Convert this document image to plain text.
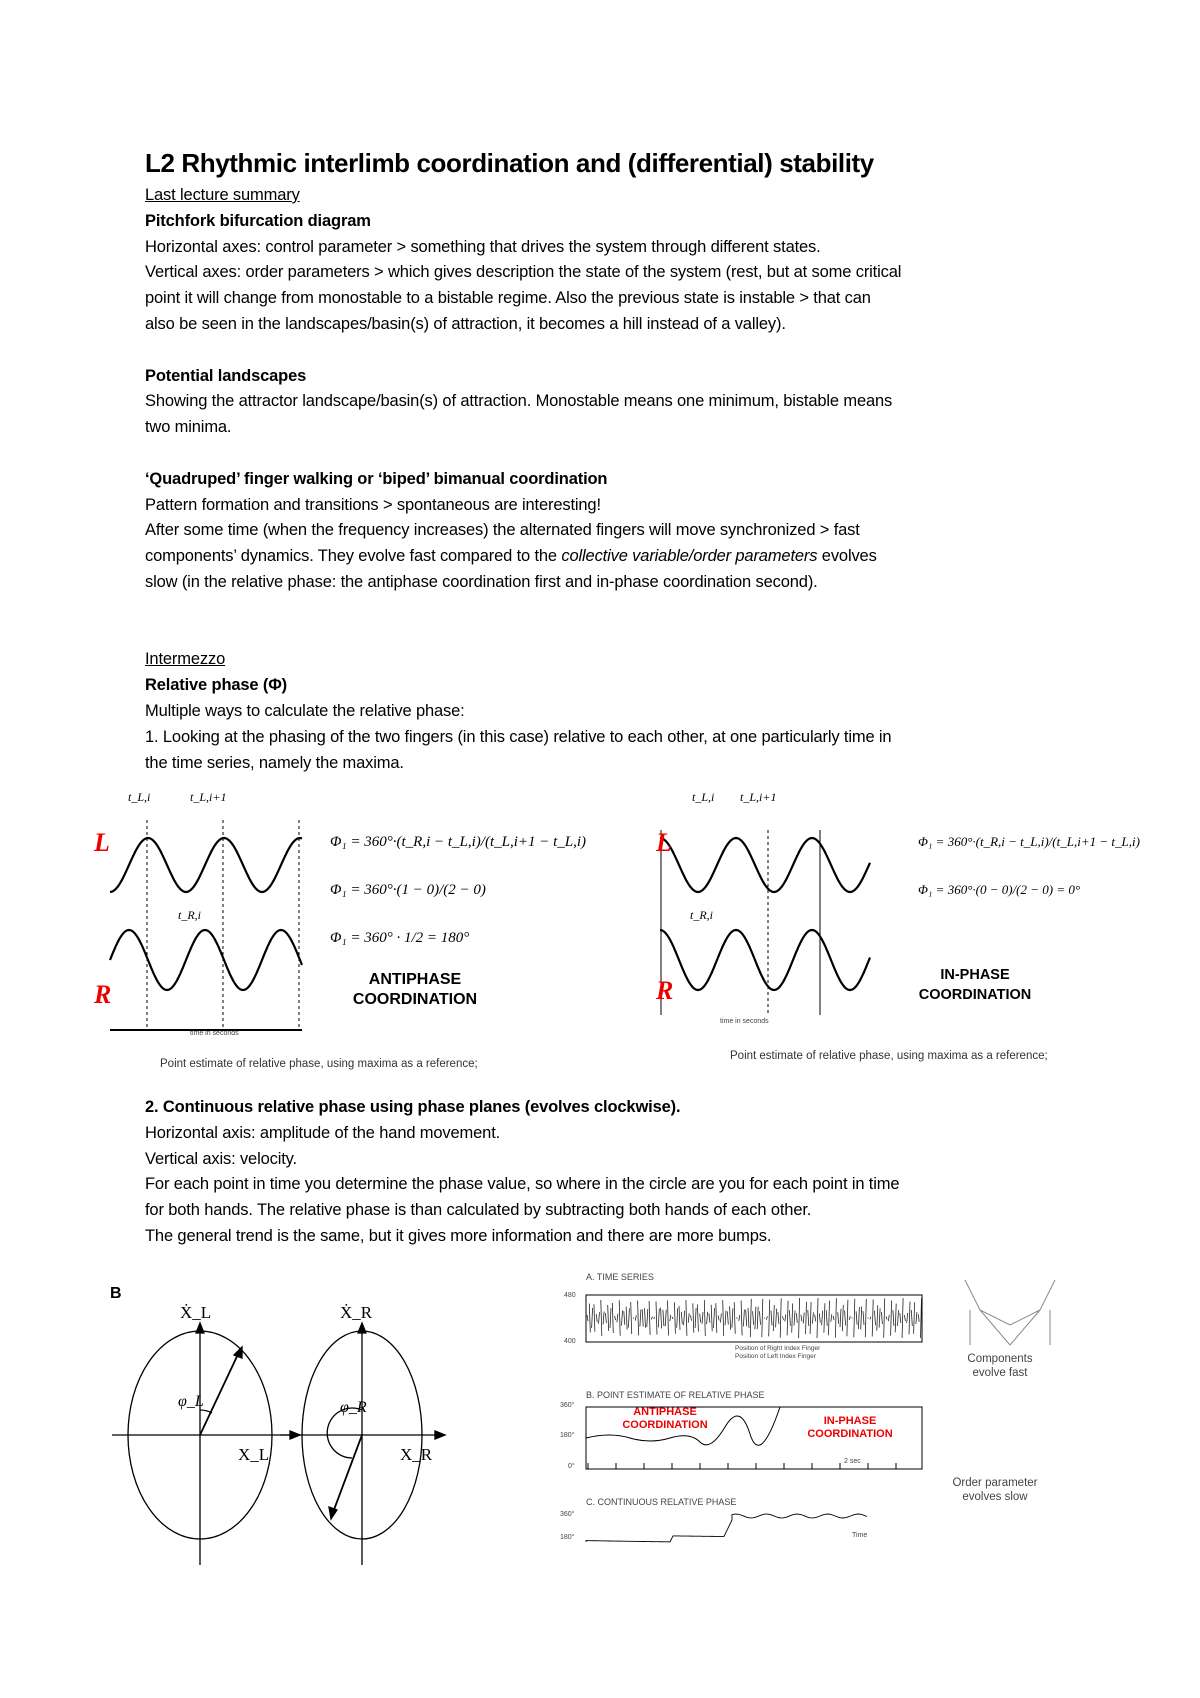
L2 Rhythmic interlimb coordination and (differential) stability
Last lecture summary
Pitchfork bifurcation diagram
Horizontal axes: control parameter > something that drives the system through different states.
Vertical axes: order parameters > which gives description the state of the system (rest, but at some critical
point it will change from monostable to a bistable regime. Also the previous state is instable > that can
also be seen in the landscapes/basin(s) of attraction, it becomes a hill instead of a valley).
Potential landscapes
Showing the attractor landscape/basin(s) of attraction. Monostable means one minimum, bistable means
two minima.
‘Quadruped’ finger walking or ‘biped’ bimanual coordination
Pattern formation and transitions > spontaneous are interesting!
After some time (when the frequency increases) the alternated fingers will move synchronized > fast
components’ dynamics. They evolve fast compared to the collective variable/order parameters evolves
slow (in the relative phase: the antiphase coordination first and in-phase coordination second).
Intermezzo
Relative phase (Φ)
Multiple ways to calculate the relative phase:
1. Looking at the phasing of the two fingers (in this case) relative to each other, at one particularly time in
the time series, namely the maxima.
L
R
t_L,i	t_L,i+1
t_R,i
Φ₁ = 360°·(t_R,i − t_L,i)/(t_L,i+1 − t_L,i)
Φ₁ = 360°·(1 − 0)/(2 − 0)
Φ₁ = 360° · 1/2 = 180°
ANTIPHASE
COORDINATION
time in seconds
Point estimate of relative phase, using maxima as a reference;
L
R
t_L,i t_L,i+1
t_R,i
Φ₁ = 360°·(t_R,i − t_L,i)/(t_L,i+1 − t_L,i)
Φ₁ = 360°·(0 − 0)/(2 − 0) = 0°
IN-PHASE
COORDINATION
time in seconds
Point estimate of relative phase, using maxima as a reference;
2. Continuous relative phase using phase planes (evolves clockwise).
Horizontal axis: amplitude of the hand movement.
Vertical axis: velocity.
For each point in time you determine the phase value, so where in the circle are you for each point in time
for both hands. The relative phase is than calculated by subtracting both hands of each other.
The general trend is the same, but it gives more information and there are more bumps.
B
Ẋ_L
X_L
φ_L
Ẋ_R
X_R
φ_R
A. TIME SERIES
480
400
Position of Right Index Finger
Position of Left Index Finger
B. POINT ESTIMATE OF RELATIVE PHASE
360°
180°
0°
ANTIPHASE
COORDINATION	IN-PHASE
COORDINATION
2 sec
C. CONTINUOUS RELATIVE PHASE
360°
180°	Time
Components
evolve fast
Order parameter
evolves slow
